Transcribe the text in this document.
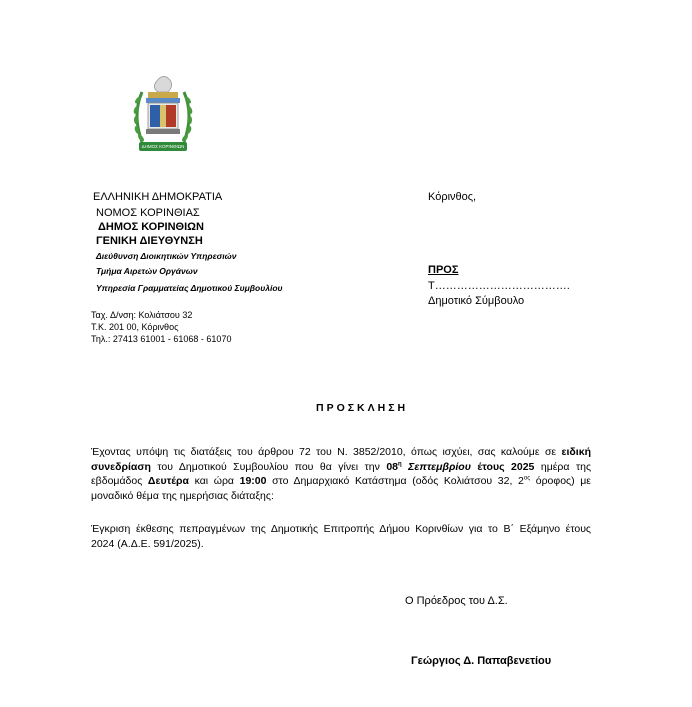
ΔΗΜΟΣ ΚΟΡΙΝΘΙΩΝ
ΕΛΛΗΝΙΚΗ ΔΗΜΟΚΡΑΤΙΑ
ΝΟΜΟΣ ΚΟΡΙΝΘΙΑΣ
ΔΗΜΟΣ ΚΟΡΙΝΘΙΩΝ
ΓΕΝΙΚΗ ΔΙΕΥΘΥΝΣΗ
Διεύθυνση Διοικητικών Υπηρεσιών
Τμήμα Αιρετών Οργάνων
Υπηρεσία Γραμματείας Δημοτικού Συμβουλίου
Κόρινθος,
ΠΡΟΣ
Τ……………………………….
Δημοτικό Σύμβουλο
Ταχ. Δ/νση: Κολιάτσου 32
Τ.Κ. 201 00, Κόρινθος
Τηλ.: 27413 61001 - 61068 - 61070
ΠΡΟΣΚΛΗΣΗ
Έχοντας υπόψη τις διατάξεις του άρθρου 72 του Ν. 3852/2010, όπως ισχύει, σας καλούμε σε ειδική
συνεδρίαση του Δημοτικού Συμβουλίου που θα γίνει την $08^\eta$ Σεπτεμβρίου έτους 2025 ημέρα της
εβδομάδος Δευτέρα και ώρα 19:00 στο Δημαρχιακό Κατάστημα (οδός Κολιάτσου 32, $2^{o\varsigma}$ όροφος) με
μοναδικό θέμα της ημερήσιας διάταξης:
Έγκριση έκθεσης πεπραγμένων της Δημοτικής Επιτροπής Δήμου Κορινθίων για το Β΄ Εξάμηνο έτους
2024 (Α.Δ.Ε. 591/2025).
Ο Πρόεδρος του Δ.Σ.
Γεώργιος Δ. Παπαβενετίου
